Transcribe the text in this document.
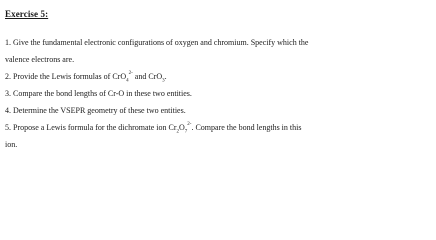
Exercise 5:
1. Give the fundamental electronic configurations of oxygen and chromium. Specify which the
valence electrons are.
2. Provide the Lewis formulas of CrO$_4^{2-}$ and CrO$_3$.
3. Compare the bond lengths of Cr-O in these two entities.
4. Determine the VSEPR geometry of these two entities.
5. Propose a Lewis formula for the dichromate ion $Cr_2O_7^{2-}$. Compare the bond lengths in this
ion.
